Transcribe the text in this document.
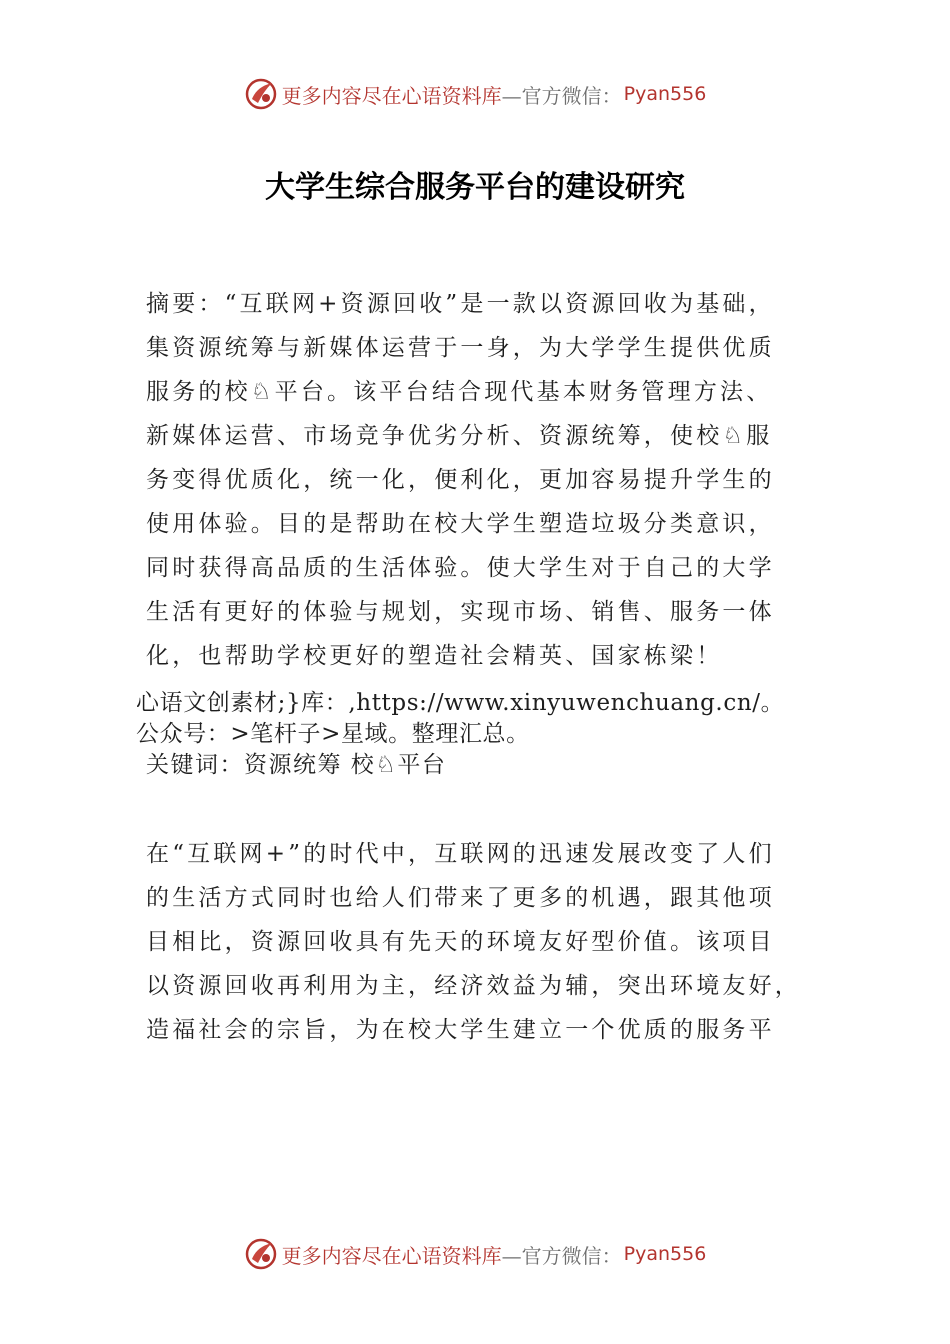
更多内容尽在心语资料库 —官方微信： Pyan556
大学生综合服务平台的建设研究
摘要：“互联网+资源回收”是一款以资源回收为基础，
集资源统筹与新媒体运营于一身，为大学学生提供优质
服务的校♘平台。该平台结合现代基本财务管理方法、
新媒体运营、市场竞争优劣分析、资源统筹，使校♘服
务变得优质化，统一化，便利化，更加容易提升学生的
使用体验。目的是帮助在校大学生塑造垃圾分类意识，
同时获得高品质的生活体验。使大学生对于自己的大学
生活有更好的体验与规划，实现市场、销售、服务一体
化，也帮助学校更好的塑造社会精英、国家栋梁！
心语文创素材;}库：,https://www.xinyuwenchuang.cn/。
公众号：>笔杆子>星域。整理汇总。
关键词：资源统筹 校♘平台
在“互联网+”的时代中，互联网的迅速发展改变了人们
的生活方式同时也给人们带来了更多的机遇，跟其他项
目相比，资源回收具有先天的环境友好型价值。该项目
以资源回收再利用为主，经济效益为辅，突出环境友好，
造福社会的宗旨，为在校大学生建立一个优质的服务平
更多内容尽在心语资料库 —官方微信： Pyan556
